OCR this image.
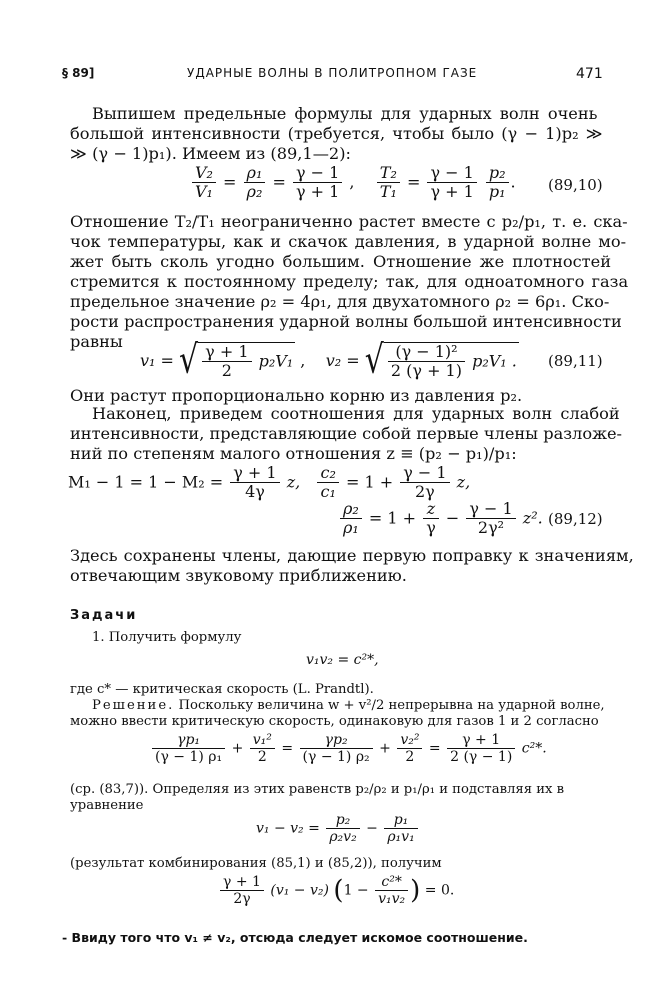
§ 89]	УДАРНЫЕ ВОЛНЫ В ПОЛИТРОПНОМ ГАЗЕ	471
Выпишем предельные формулы для ударных волн очень
большой интенсивности (требуется, чтобы было (γ − 1)p₂ ≫
≫ (γ − 1)p₁). Имеем из (89,1—2):
$\frac{\text{V₂}}{\text{V₁}} = \frac{\text{ρ₁}}{\text{ρ₂}} = \frac{\gamma - 1}{\gamma + 1}$ , $\frac{\text{T₂}}{\text{T₁}} = \frac{\gamma - 1}{\gamma + 1}$
$\frac{\text{p₂}}{\text{p₁}}$ . (89,10)
Отношение T₂/T₁ неограниченно растет вместе с p₂/p₁, т. е. ска-
чок температуры, как и скачок давления, в ударной волне мо-
жет быть сколь угодно большим. Отношение же плотностей
стремится к постоянному пределу; так, для одноатомного газа
предельное значение ρ₂ = 4ρ₁, для двухатомного ρ₂ = 6ρ₁. Ско-
рости распространения ударной волны большой интенсивности
равны
v₁ = √ $\frac{\gamma + 1}{2} p_2V_1$ ,    v₂ = √ $\frac{\text{(γ − 1)²}}{2 (\gamma + 1)} p_2V_1$ . (89,11)
Они растут пропорционально корню из давления p₂.
Наконец, приведем соотношения для ударных волн слабой
интенсивности, представляющие собой первые члены разложе-
ний по степеням малого отношения z ≡ (p₂ − p₁)/p₁:
$M_1 - 1 = 1 - M_2 = \frac{\gamma + 1}{4\gamma} z$, $\frac{\text{c₂}}{\text{c₁}} = 1 + \frac{\gamma - 1}{2\gamma} z$,
$\frac{\text{ρ₂}}{\text{ρ₁}} = 1 + \frac{z}{\gamma} - \frac{\gamma - 1}{\text{2γ²}} z^2$. (89,12)
Здесь сохранены члены, дающие первую поправку к значениям,
отвечающим звуковому приближению.
Задачи
1. Получить формулу
v₁v₂ = c²*,
где c* — критическая скорость (L. Prandtl).
Решение. Поскольку величина w + v²/2 непрерывна на ударной волне,
можно ввести критическую скорость, одинаковую для газов 1 и 2 согласно
$\frac{\text{γp₁}}{\text{(γ − 1) ρ₁}} + \frac{\text{v₁²}}{2} = \frac{\text{γp₂}}{\text{(γ − 1) ρ₂}} + \frac{\text{v₂²}}{2} = \frac{\gamma + 1}{2 (\gamma - 1)} c^2*$.
(ср. (83,7)). Определяя из этих равенств p₂/ρ₂ и p₁/ρ₁ и подставляя их в
уравнение
$v_1 - v_2 = \frac{\text{p₂}}{\text{ρ₂v₂}} - \frac{\text{p₁}}{\text{ρ₁v₁}}$
(результат комбинирования (85,1) и (85,2)), получим
$\frac{\gamma + 1}{2\gamma} (v_1 - v_2) (1 - \frac{\text{c²*}}{\text{v₁v₂}}$ ) = 0.
- Ввиду того что v₁ ≠ v₂, отсюда следует искомое соотношение.
